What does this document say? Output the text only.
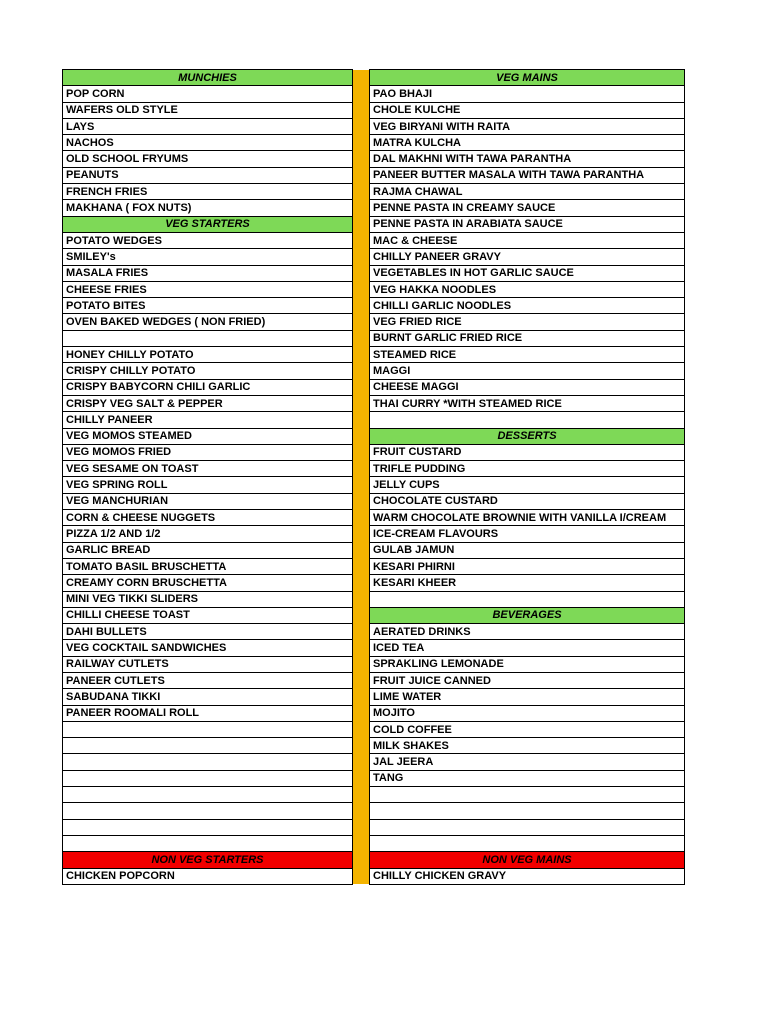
MUNCHIES		VEG MAINS
POP CORN		PAO BHAJI
WAFERS OLD STYLE		CHOLE KULCHE
LAYS		VEG BIRYANI WITH RAITA
NACHOS		MATRA KULCHA
OLD SCHOOL FRYUMS		DAL MAKHNI WITH TAWA PARANTHA
PEANUTS		PANEER BUTTER MASALA WITH TAWA PARANTHA
FRENCH FRIES		RAJMA CHAWAL
MAKHANA ( FOX NUTS)		PENNE PASTA IN CREAMY SAUCE
VEG STARTERS		PENNE PASTA IN ARABIATA SAUCE
POTATO WEDGES		MAC & CHEESE
SMILEY's		CHILLY PANEER GRAVY
MASALA FRIES		VEGETABLES IN HOT GARLIC SAUCE
CHEESE FRIES		VEG HAKKA NOODLES
POTATO BITES		CHILLI GARLIC NOODLES
OVEN BAKED WEDGES ( NON FRIED)		VEG FRIED RICE
		BURNT GARLIC FRIED RICE
HONEY CHILLY POTATO		STEAMED RICE
CRISPY CHILLY POTATO		MAGGI
CRISPY BABYCORN CHILI GARLIC		CHEESE MAGGI
CRISPY VEG SALT & PEPPER		THAI CURRY *WITH STEAMED RICE
CHILLY PANEER		
VEG MOMOS STEAMED		DESSERTS
VEG MOMOS FRIED		FRUIT CUSTARD
VEG SESAME ON TOAST		TRIFLE PUDDING
VEG SPRING ROLL		JELLY CUPS
VEG MANCHURIAN		CHOCOLATE CUSTARD
CORN & CHEESE NUGGETS		WARM CHOCOLATE BROWNIE WITH VANILLA I/CREAM
PIZZA 1/2 AND 1/2		ICE-CREAM FLAVOURS
GARLIC BREAD		GULAB JAMUN
TOMATO BASIL BRUSCHETTA		KESARI PHIRNI
CREAMY CORN BRUSCHETTA		KESARI KHEER
MINI VEG TIKKI SLIDERS		
CHILLI CHEESE TOAST		BEVERAGES
DAHI BULLETS		AERATED DRINKS
VEG COCKTAIL SANDWICHES		ICED TEA
RAILWAY CUTLETS		SPRAKLING LEMONADE
PANEER CUTLETS		FRUIT JUICE CANNED
SABUDANA TIKKI		LIME WATER
PANEER ROOMALI ROLL		MOJITO
		COLD COFFEE
		MILK SHAKES
		JAL JEERA
		TANG

NON VEG STARTERS		NON VEG MAINS
CHICKEN POPCORN		CHILLY CHICKEN GRAVY
